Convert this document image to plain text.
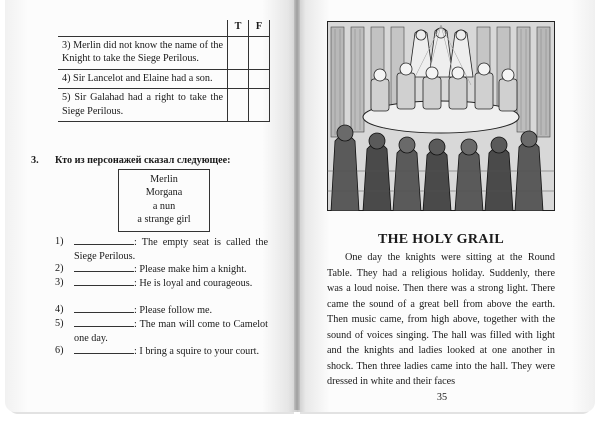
	T	F
3) Merlin did not know the name of the Knight to take the Siege Perilous.		
4) Sir Lancelot and Elaine had a son.		
5) Sir Galahad had a right to take the Siege Perilous.		
3. Кто из персонажей сказал следующее:
Merlin
Morgana
a nun
a strange girl
1)	: The empty seat is called the Siege Perilous.
2)	: Please make him a knight.
3)	: He is loyal and courageous.
4)	: Please follow me.
5)	: The man will come to Camelot one day.
6)	: I bring a squire to your court.
THE HOLY GRAIL

One day the knights were sitting at the Round Table. They had a religious holiday. Suddenly, there was a loud noise. Then there was a strong light. There came the sound of a great bell from above the earth. Then music came, from high above, together with the sound of voices singing. The hall was filled with light and the knights and ladies looked at one another in shock. Then three ladies came into the hall. They were dressed in white and their faces

35
